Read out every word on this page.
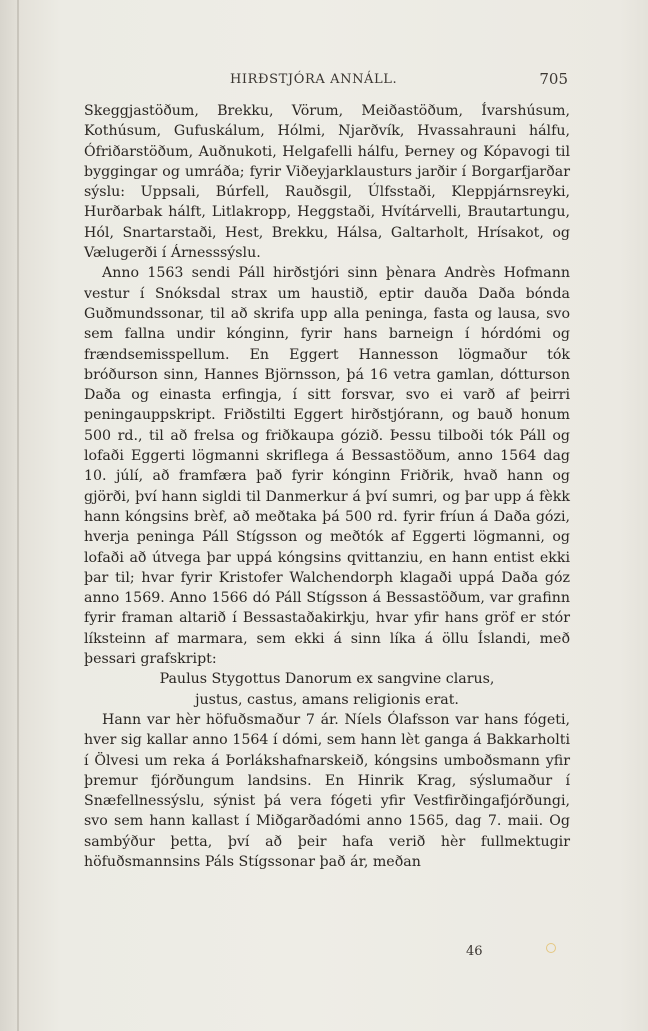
HIRÐSTJÓRA ANNÁLL.	705

Skeggjastöðum, Brekku, Vörum, Meiðastöðum, Ívarshúsum, Kothúsum, Gufuskálum, Hólmi, Njarðvík, Hvassahrauni hálfu, Ófriðarstöðum, Auðnukoti, Helgafelli hálfu, Þerney og Kópavogi til byggingar og umráða; fyrir Viðeyjarklausturs jarðir í Borgarfjarðar sýslu: Uppsali, Búrfell, Rauðsgil, Úlfsstaði, Kleppjárnsreyki, Hurðarbak hálft, Litlakropp, Heggstaði, Hvítárvelli, Brautartungu, Hól, Snartarstaði, Hest, Brekku, Hálsa, Galtarholt, Hrísakot, og Vælugerði í Árnesssýslu.

Anno 1563 sendi Páll hirðstjóri sinn þènara Andrès Hofmann vestur í Snóksdal strax um haustið, eptir dauða Daða bónda Guðmundssonar, til að skrifa upp alla peninga, fasta og lausa, svo sem fallna undir kónginn, fyrir hans barneign í hórdómi og frændsemisspellum. En Eggert Hannesson lögmaður tók bróðurson sinn, Hannes Björnsson, þá 16 vetra gamlan, dótturson Daða og einasta erfingja, í sitt forsvar, svo ei varð af þeirri peningauppskript. Friðstilti Eggert hirðstjórann, og bauð honum 500 rd., til að frelsa og friðkaupa gózið. Þessu tilboði tók Páll og lofaði Eggerti lögmanni skriflega á Bessastöðum, anno 1564 dag 10. júlí, að framfæra það fyrir kónginn Friðrik, hvað hann og gjörði, því hann sigldi til Danmerkur á því sumri, og þar upp á fèkk hann kóngsins brèf, að meðtaka þá 500 rd. fyrir fríun á Daða gózi, hverja peninga Páll Stígsson og meðtók af Eggerti lögmanni, og lofaði að útvega þar uppá kóngsins qvittanziu, en hann entist ekki þar til; hvar fyrir Kristofer Walchendorph klagaði uppá Daða góz anno 1569. Anno 1566 dó Páll Stígsson á Bessastöðum, var grafinn fyrir framan altarið í Bessastaðakirkju, hvar yfir hans gröf er stór líksteinn af marmara, sem ekki á sinn líka á öllu Íslandi, með þessari grafskript:

Paulus Stygottus Danorum ex sangvine clarus,

justus, castus, amans religionis erat.

Hann var hèr höfuðsmaður 7 ár. Níels Ólafsson var hans fógeti, hver sig kallar anno 1564 í dómi, sem hann lèt ganga á Bakkarholti í Ölvesi um reka á Þorlákshafnarskeið, kóngsins umboðsmann yfir þremur fjórðungum landsins. En Hinrik Krag, sýslumaður í Snæfellnessýslu, sýnist þá vera fógeti yfir Vestfirðingafjórðungi, svo sem hann kallast í Miðgarðadómi anno 1565, dag 7. maii. Og sambýður þetta, því að þeir hafa verið hèr fullmektugir höfuðsmannsins Páls Stígssonar það ár, meðan

46
